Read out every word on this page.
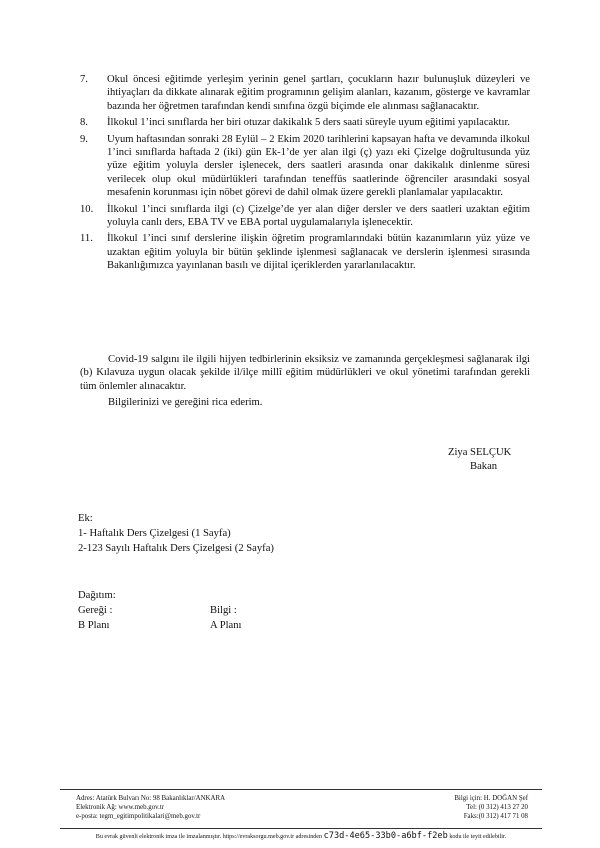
7. Okul öncesi eğitimde yerleşim yerinin genel şartları, çocukların hazır bulunuşluk düzeyleri ve ihtiyaçları da dikkate alınarak eğitim programının gelişim alanları, kazanım, gösterge ve kavramlar bazında her öğretmen tarafından kendi sınıfına özgü biçimde ele alınması sağlanacaktır.
8. İlkokul 1’inci sınıflarda her biri otuzar dakikalık 5 ders saati süreyle uyum eğitimi yapılacaktır.
9. Uyum haftasından sonraki 28 Eylül – 2 Ekim 2020 tarihlerini kapsayan hafta ve devamında ilkokul 1’inci sınıflarda haftada 2 (iki) gün Ek-1’de yer alan ilgi (ç) yazı eki Çizelge doğrultusunda yüz yüze eğitim yoluyla dersler işlenecek, ders saatleri arasında onar dakikalık dinlenme süresi verilecek olup okul müdürlükleri tarafından teneffüs saatlerinde öğrenciler arasındaki sosyal mesafenin korunması için nöbet görevi de dahil olmak üzere gerekli planlamalar yapılacaktır.
10. İlkokul 1’inci sınıflarda ilgi (c) Çizelge’de yer alan diğer dersler ve ders saatleri uzaktan eğitim yoluyla canlı ders, EBA TV ve EBA portal uygulamalarıyla işlenecektir.
11. İlkokul 1’inci sınıf derslerine ilişkin öğretim programlarındaki bütün kazanımların yüz yüze ve uzaktan eğitim yoluyla bir bütün şeklinde işlenmesi sağlanacak ve derslerin işlenmesi sırasında Bakanlığımızca yayınlanan basılı ve dijital içeriklerden yararlanılacaktır.

Covid-19 salgını ile ilgili hijyen tedbirlerinin eksiksiz ve zamanında gerçekleşmesi sağlanarak ilgi (b) Kılavuza uygun olacak şekilde il/ilçe millî eğitim müdürlükleri ve okul yönetimi tarafından gerekli tüm önlemler alınacaktır.

Bilgilerinizi ve gereğini rica ederim.

Ziya SELÇUK
Bakan
Ek:
1- Haftalık Ders Çizelgesi (1 Sayfa)
2-123 Sayılı Haftalık Ders Çizelgesi (2 Sayfa)
Dağıtım:
Gereği :	Bilgi :
B Planı	A Planı
Adres: Atatürk Bulvarı No: 98 Bakanlıklar/ANKARA
Elektronik Ağ: www.meb.gov.tr
e-posta: tegm_egitimpolitikalari@meb.gov.tr
Bilgi için: H. DOĞAN Şef
Tel: (0 312) 413 27 20
Faks:(0 312) 417 71 08
Bu evrak güvenli elektronik imza ile imzalanmıştır. https://evraksorgu.meb.gov.tr adresinden c73d-4e65-33b0-a6bf-f2eb kodu ile teyit edilebilir.
